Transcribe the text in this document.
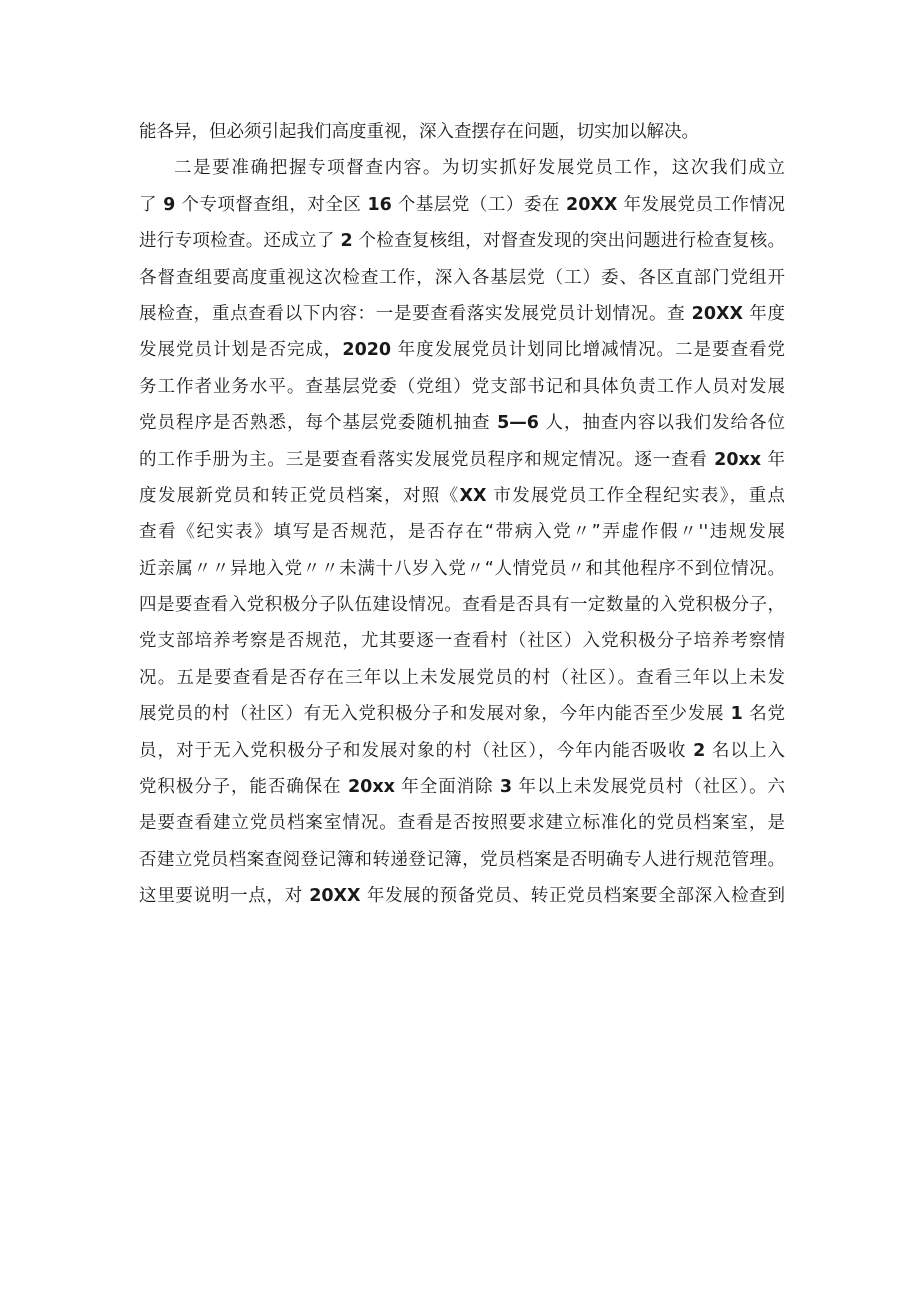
能各异，但必须引起我们高度重视，深入查摆存在问题，切实加以解决。
二是要准确把握专项督查内容。为切实抓好发展党员工作，这次我们成立
了 9 个专项督查组，对全区 16 个基层党（工）委在 20XX 年发展党员工作情况
进行专项检查。还成立了 2 个检查复核组，对督查发现的突出问题进行检查复核。
各督查组要高度重视这次检查工作，深入各基层党（工）委、各区直部门党组开
展检查，重点查看以下内容：一是要查看落实发展党员计划情况。查 20XX 年度
发展党员计划是否完成，2020 年度发展党员计划同比增减情况。二是要查看党
务工作者业务水平。查基层党委（党组）党支部书记和具体负责工作人员对发展
党员程序是否熟悉，每个基层党委随机抽查 5—6 人，抽查内容以我们发给各位
的工作手册为主。三是要查看落实发展党员程序和规定情况。逐一查看 20xx 年
度发展新党员和转正党员档案，对照《XX 市发展党员工作全程纪实表》，重点
查看《纪实表》填写是否规范，是否存在“带病入党〃”弄虚作假〃''违规发展
近亲属〃〃异地入党〃〃未满十八岁入党〃“人情党员〃和其他程序不到位情况。
四是要查看入党积极分子队伍建设情况。查看是否具有一定数量的入党积极分子，
党支部培养考察是否规范，尤其要逐一查看村（社区）入党积极分子培养考察情
况。五是要查看是否存在三年以上未发展党员的村（社区）。查看三年以上未发
展党员的村（社区）有无入党积极分子和发展对象，今年内能否至少发展 1 名党
员，对于无入党积极分子和发展对象的村（社区），今年内能否吸收 2 名以上入
党积极分子，能否确保在 20xx 年全面消除 3 年以上未发展党员村（社区）。六
是要查看建立党员档案室情况。查看是否按照要求建立标准化的党员档案室，是
否建立党员档案查阅登记簿和转递登记簿，党员档案是否明确专人进行规范管理。
这里要说明一点，对 20XX 年发展的预备党员、转正党员档案要全部深入检查到
